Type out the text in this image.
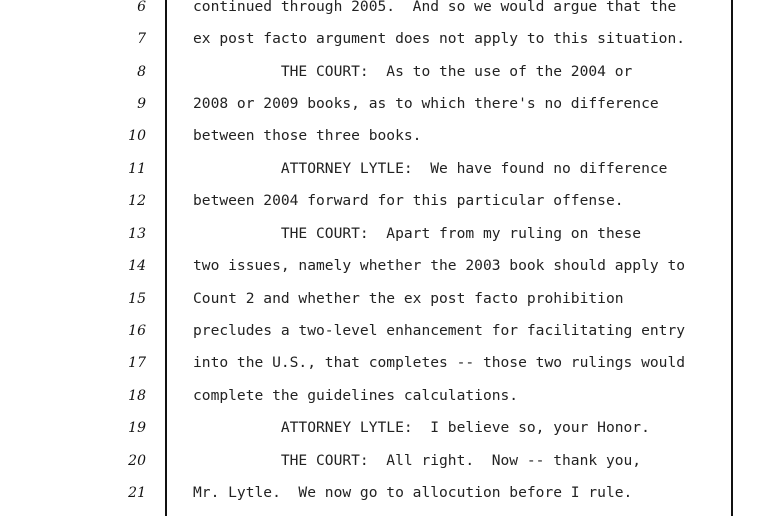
6	continued through 2005.  And so we would argue that the
7	ex post facto argument does not apply to this situation.
8	THE COURT:  As to the use of the 2004 or
9	2008 or 2009 books, as to which there's no difference
10	between those three books.
11	ATTORNEY LYTLE:  We have found no difference
12	between 2004 forward for this particular offense.
13	THE COURT:  Apart from my ruling on these
14	two issues, namely whether the 2003 book should apply to
15	Count 2 and whether the ex post facto prohibition
16	precludes a two-level enhancement for facilitating entry
17	into the U.S., that completes -- those two rulings would
18	complete the guidelines calculations.
19	ATTORNEY LYTLE:  I believe so, your Honor.
20	THE COURT:  All right.  Now -- thank you,
21	Mr. Lytle.  We now go to allocution before I rule.
